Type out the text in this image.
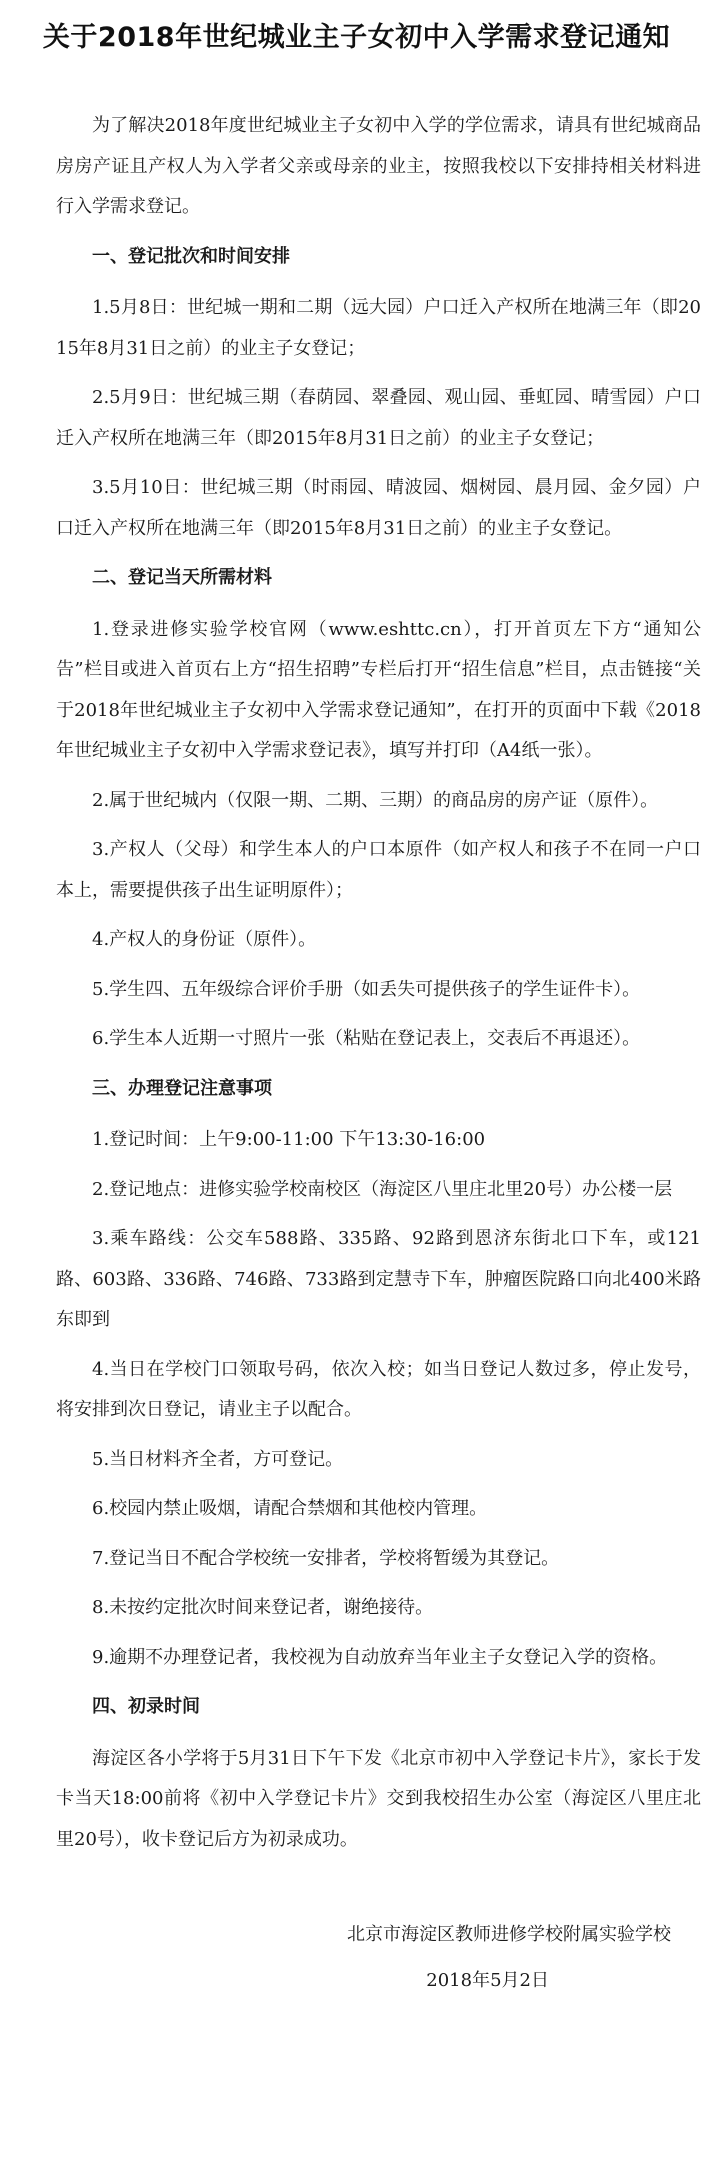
关于2018年世纪城业主子女初中入学需求登记通知
为了解决2018年度世纪城业主子女初中入学的学位需求，请具有世纪城商品房房产证且产权人为入学者父亲或母亲的业主，按照我校以下安排持相关材料进行入学需求登记。
一、登记批次和时间安排
1.5月8日：世纪城一期和二期（远大园）户口迁入产权所在地满三年（即2015年8月31日之前）的业主子女登记；
2.5月9日：世纪城三期（春荫园、翠叠园、观山园、垂虹园、晴雪园）户口迁入产权所在地满三年（即2015年8月31日之前）的业主子女登记；
3.5月10日：世纪城三期（时雨园、晴波园、烟树园、晨月园、金夕园）户口迁入产权所在地满三年（即2015年8月31日之前）的业主子女登记。
二、登记当天所需材料
1.登录进修实验学校官网（www.eshttc.cn），打开首页左下方“通知公告”栏目或进入首页右上方“招生招聘”专栏后打开“招生信息”栏目，点击链接“关于2018年世纪城业主子女初中入学需求登记通知”，在打开的页面中下载《2018年世纪城业主子女初中入学需求登记表》，填写并打印（A4纸一张）。
2.属于世纪城内（仅限一期、二期、三期）的商品房的房产证（原件）。
3.产权人（父母）和学生本人的户口本原件（如产权人和孩子不在同一户口本上，需要提供孩子出生证明原件）；
4.产权人的身份证（原件）。
5.学生四、五年级综合评价手册（如丢失可提供孩子的学生证件卡）。
6.学生本人近期一寸照片一张（粘贴在登记表上，交表后不再退还）。
三、办理登记注意事项
1.登记时间：上午9:00-11:00 下午13:30-16:00
2.登记地点：进修实验学校南校区（海淀区八里庄北里20号）办公楼一层
3.乘车路线：公交车588路、335路、92路到恩济东街北口下车，或121路、603路、336路、746路、733路到定慧寺下车，肿瘤医院路口向北400米路东即到
4.当日在学校门口领取号码，依次入校；如当日登记人数过多，停止发号，将安排到次日登记，请业主子以配合。
5.当日材料齐全者，方可登记。
6.校园内禁止吸烟，请配合禁烟和其他校内管理。
7.登记当日不配合学校统一安排者，学校将暂缓为其登记。
8.未按约定批次时间来登记者，谢绝接待。
9.逾期不办理登记者，我校视为自动放弃当年业主子女登记入学的资格。
四、初录时间
海淀区各小学将于5月31日下午下发《北京市初中入学登记卡片》，家长于发卡当天18:00前将《初中入学登记卡片》交到我校招生办公室（海淀区八里庄北里20号），收卡登记后方为初录成功。
北京市海淀区教师进修学校附属实验学校
2018年5月2日
